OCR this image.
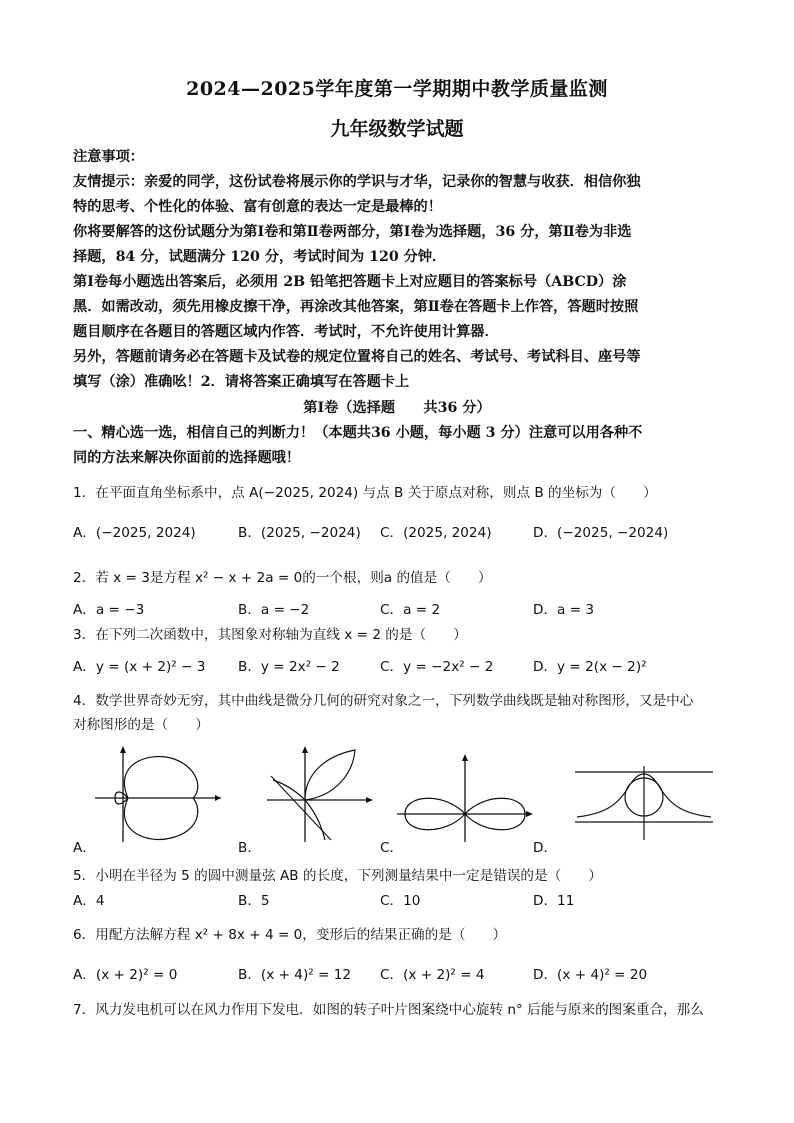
2024—2025学年度第一学期期中教学质量监测
九年级数学试题
注意事项：
友情提示：亲爱的同学，这份试卷将展示你的学识与才华，记录你的智慧与收获．相信你独
特的思考、个性化的体验、富有创意的表达一定是最棒的！
你将要解答的这份试题分为第Ⅰ卷和第Ⅱ卷两部分，第Ⅰ卷为选择题，36 分，第Ⅱ卷为非选
择题，84 分，试题满分 120 分，考试时间为 120 分钟．
第Ⅰ卷每小题选出答案后，必须用 2B 铅笔把答题卡上对应题目的答案标号（ABCD）涂
黑．如需改动，须先用橡皮擦干净，再涂改其他答案，第Ⅱ卷在答题卡上作答，答题时按照
题目顺序在各题目的答题区域内作答．考试时，不允许使用计算器．
另外，答题前请务必在答题卡及试卷的规定位置将自己的姓名、考试号、考试科目、座号等
填写（涂）准确吆！2．请将答案正确填写在答题卡上
第Ⅰ卷（选择题　　共36 分）
一、精心选一选，相信自己的判断力！（本题共36 小题，每小题 3 分）注意可以用各种不
同的方法来解决你面前的选择题哦！
1．在平面直角坐标系中，点 A(−2025, 2024) 与点 B 关于原点对称，则点 B 的坐标为（　　）
A．(−2025, 2024)	B．(2025, −2024) C．(2025, 2024)	D．(−2025, −2024)
2．若 x = 3是方程 x² − x + 2a = 0的一个根，则a 的值是（　　）
A．a = −3	B．a = −2	C．a = 2	D．a = 3
3．在下列二次函数中，其图象对称轴为直线 x = 2 的是（　　）
A．y = (x + 2)² − 3 B．y = 2x² − 2	C．y = −2x² − 2	D．y = 2(x − 2)²
4．数学世界奇妙无穷，其中曲线是微分几何的研究对象之一，下列数学曲线既是轴对称图形，又是中心
对称图形的是（　　）
A．	B．	C．	D．
5．小明在半径为 5 的圆中测量弦 AB 的长度，下列测量结果中一定是错误的是（　　）
A．4	B．5	C．10	D．11
6．用配方法解方程 x² + 8x + 4 = 0，变形后的结果正确的是（　　）
A．(x + 2)² = 0	B．(x + 4)² = 12 C．(x + 2)² = 4	D．(x + 4)² = 20
7．风力发电机可以在风力作用下发电．如图的转子叶片图案绕中心旋转 n° 后能与原来的图案重合，那么
